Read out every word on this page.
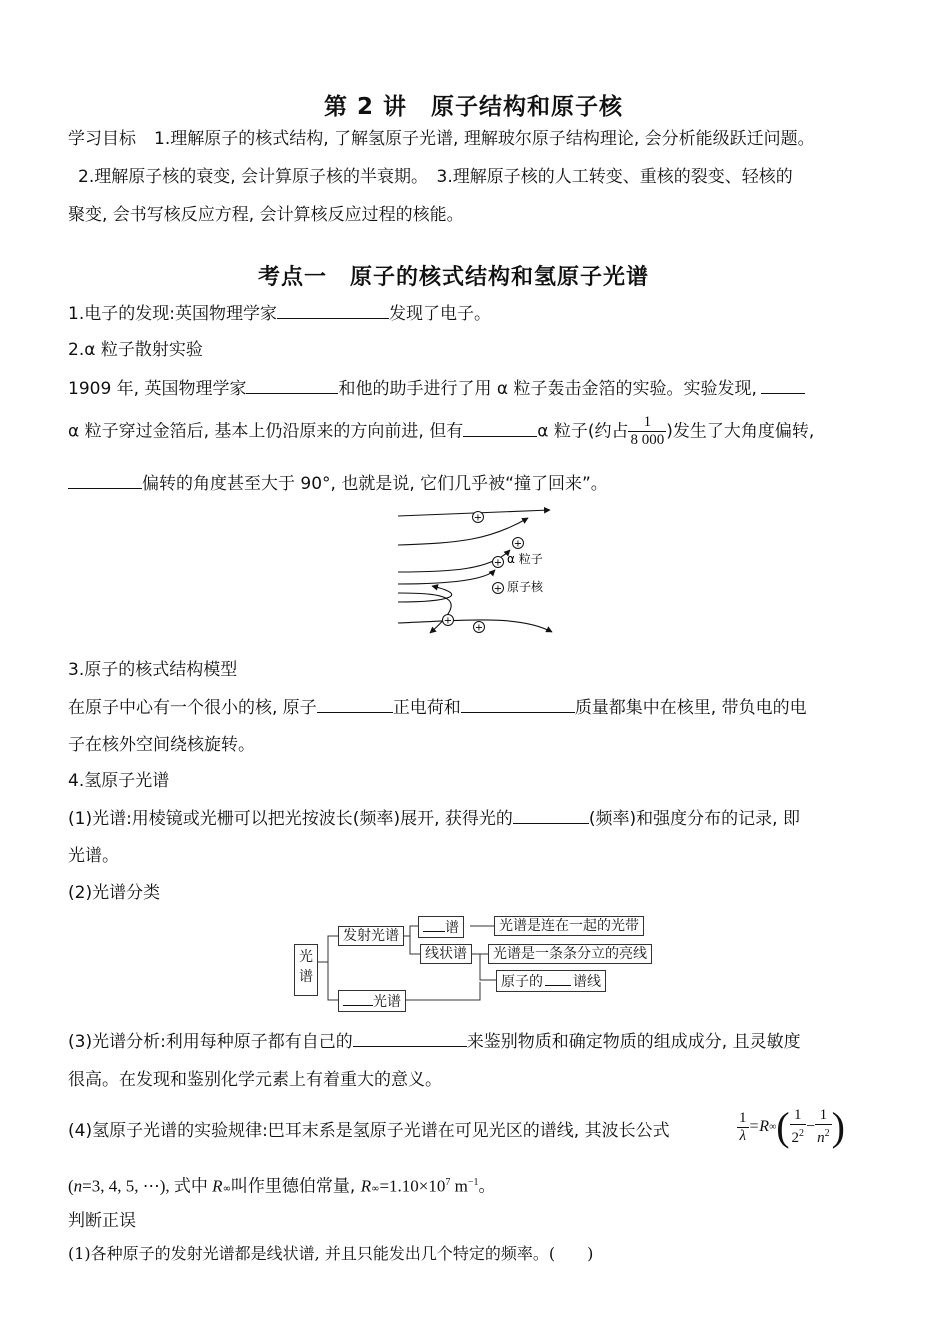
第 2 讲　原子结构和原子核
学习目标 1.理解原子的核式结构, 了解氢原子光谱, 理解玻尔原子结构理论, 会分析能级跃迁问题。
2.理解原子核的衰变, 会计算原子核的半衰期。　3.理解原子核的人工转变、重核的裂变、轻核的
聚变, 会书写核反应方程, 会计算核反应过程的核能。
考点一　原子的核式结构和氢原子光谱
1.电子的发现:英国物理学家	发现了电子。
2.α 粒子散射实验
1909 年, 英国物理学家	和他的助手进行了用 α 粒子轰击金箔的实验。实验发现,
α 粒子穿过金箔后, 基本上仍沿原来的方向前进, 但有	α 粒子(约占 $\frac{1}{8 000}$ )发生了大角度偏转,
偏转的角度甚至大于 90°, 也就是说, 它们几乎被“撞了回来”。
+
+
+
+
+
+
α 粒子
原子核
3.原子的核式结构模型
在原子中心有一个很小的核, 原子	正电荷和	质量都集中在核里, 带负电的电
子在核外空间绕核旋转。
4.氢原子光谱
(1)光谱:用棱镜或光栅可以把光按波长(频率)展开, 获得光的	(频率)和强度分布的记录, 即
光谱。
(2)光谱分类
光谱
发射光谱	谱	光谱是连在一起的光带
线状谱	光谱是一条条分立的亮线
原子的 谱线
光谱
(3)光谱分析:利用每种原子都有自己的	来鉴别物质和确定物质的组成成分, 且灵敏度
很高。在发现和鉴别化学元素上有着重大的意义。
(4)氢原子光谱的实验规律:巴耳末系是氢原子光谱在可见光区的谱线, 其波长公式	$\frac{1}{\lambda} =R\infty( \frac{1}{2^2} - \frac{1}{n^2}$ )
(n=3, 4, 5, ⋯), 式中 R∞叫作里德伯常量, $R\infty=1.10\times 10^7$ $m^{-1}$。
判断正误
(1)各种原子的发射光谱都是线状谱, 并且只能发出几个特定的频率。(　　)
